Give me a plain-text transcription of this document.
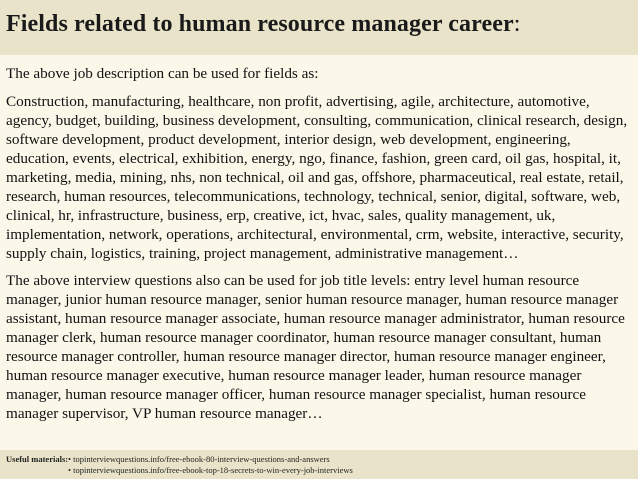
Fields related to human resource manager career:

The above job description can be used for fields as:

Construction, manufacturing, healthcare, non profit, advertising, agile, architecture, automotive, agency, budget, building, business development, consulting, communication, clinical research, design, software development, product development, interior design, web development, engineering, education, events, electrical, exhibition, energy, ngo, finance, fashion, green card, oil gas, hospital, it, marketing, media, mining, nhs, non technical, oil and gas, offshore, pharmaceutical, real estate, retail, research, human resources, telecommunications, technology, technical, senior, digital, software, web, clinical, hr, infrastructure, business, erp, creative, ict, hvac, sales, quality management, uk, implementation, network, operations, architectural, environmental, crm, website, interactive, security, supply chain, logistics, training, project management, administrative management…

The above interview questions also can be used for job title levels: entry level human resource manager, junior human resource manager, senior human resource manager, human resource manager assistant, human resource manager associate, human resource manager administrator, human resource manager clerk, human resource manager coordinator, human resource manager consultant, human resource manager controller, human resource manager director, human resource manager engineer, human resource manager executive, human resource manager leader, human resource manager manager, human resource manager officer, human resource manager specialist, human resource manager supervisor, VP human resource manager…

Useful materials:• topinterviewquestions.info/free-ebook-80-interview-questions-and-answers
• topinterviewquestions.info/free-ebook-top-18-secrets-to-win-every-job-interviews
